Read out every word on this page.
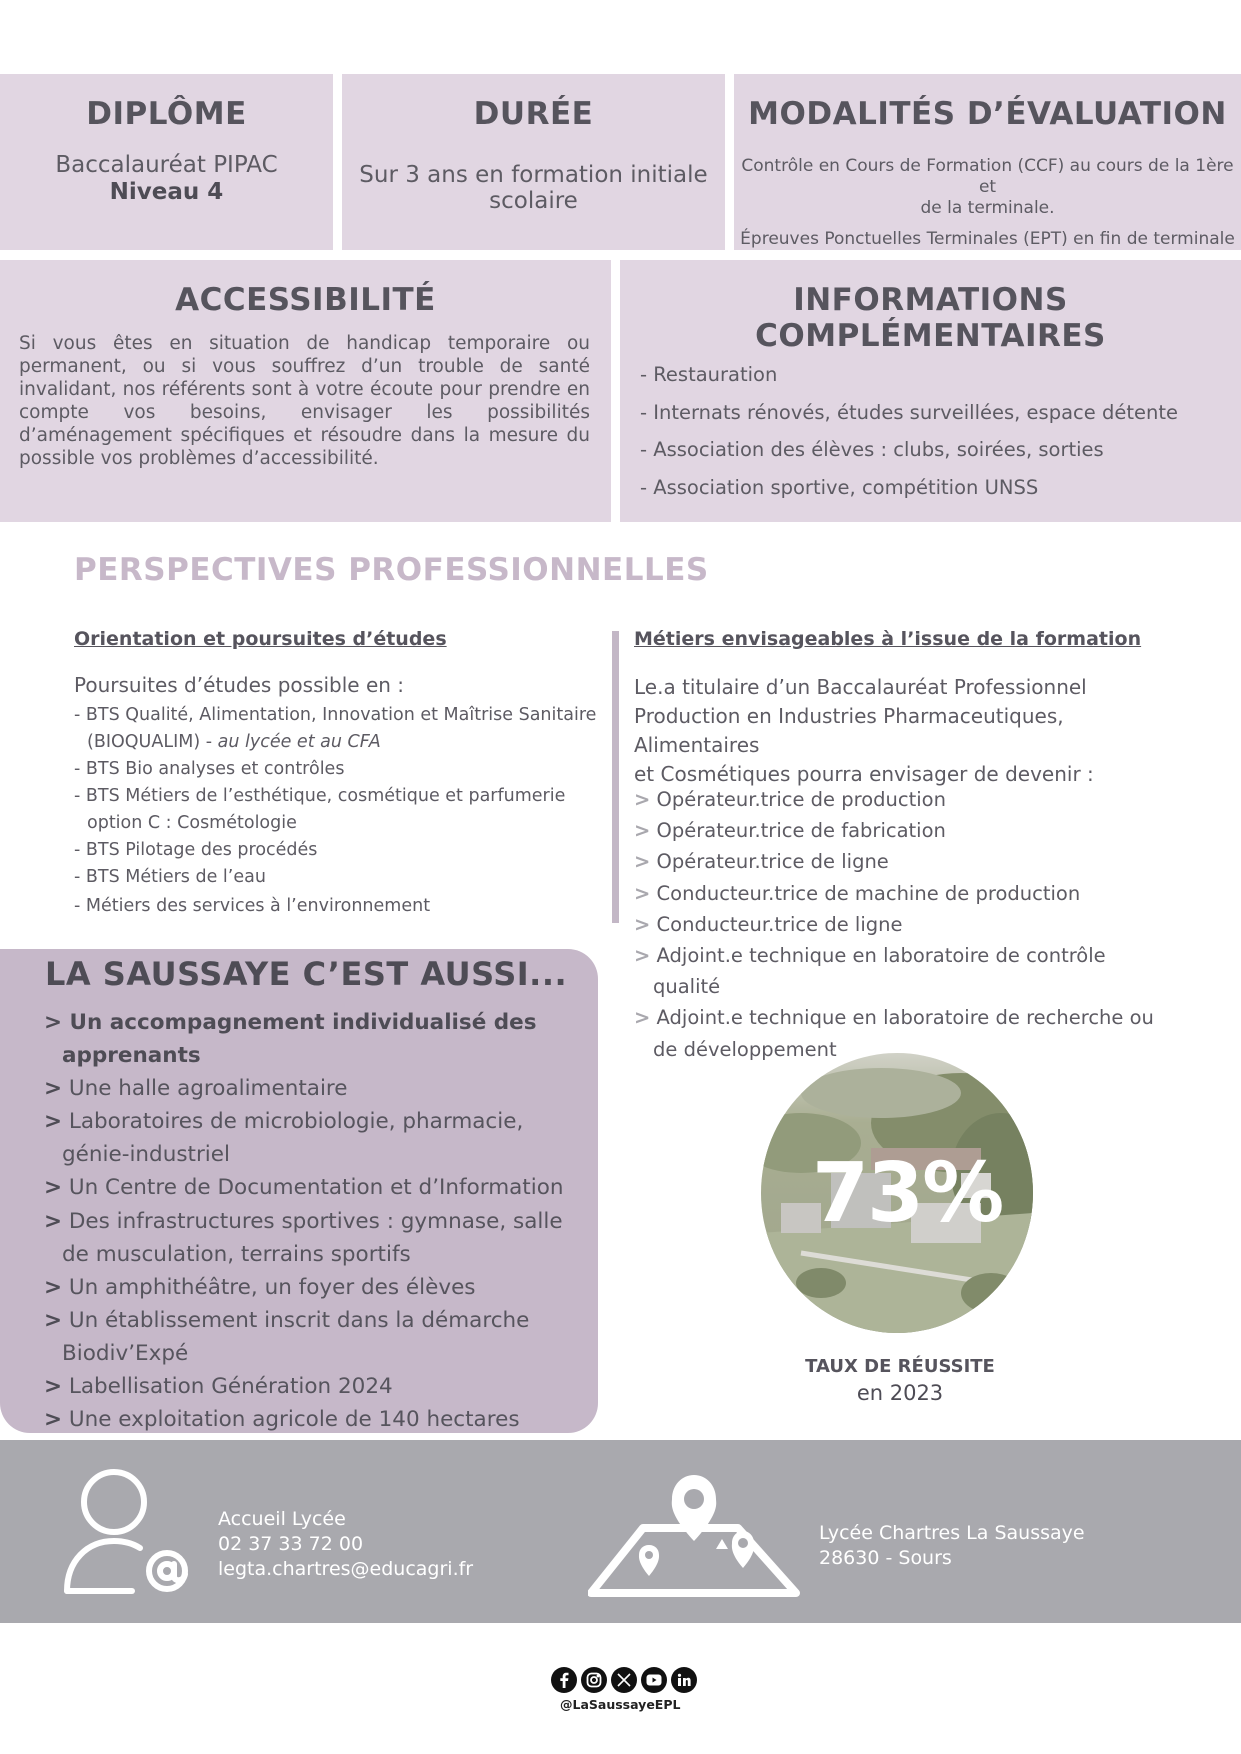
DIPLÔME
Baccalauréat PIPAC
Niveau 4
DURÉE
Sur 3 ans en formation initiale
scolaire
MODALITÉS D’ÉVALUATION
Contrôle en Cours de Formation (CCF) au cours de la 1ère et
de la terminale.
Épreuves Ponctuelles Terminales (EPT) en fin de terminale
ACCESSIBILITÉ
Si vous êtes en situation de handicap temporaire ou permanent, ou si vous souffrez d’un trouble de santé invalidant, nos référents sont à votre écoute pour prendre en compte vos besoins, envisager les possibilités d’aménagement spécifiques et résoudre dans la mesure du possible vos problèmes d’accessibilité.
INFORMATIONS COMPLÉMENTAIRES
- Restauration
- Internats rénovés, études surveillées, espace détente
- Association des élèves : clubs, soirées, sorties
- Association sportive, compétition UNSS
PERSPECTIVES PROFESSIONNELLES
Orientation et poursuites d’études
Poursuites d’études possible en :
- BTS Qualité, Alimentation, Innovation et Maîtrise Sanitaire (BIOQUALIM) - au lycée et au CFA
- BTS Bio analyses et contrôles
- BTS Métiers de l’esthétique, cosmétique et parfumerie option C : Cosmétologie
- BTS Pilotage des procédés
- BTS Métiers de l’eau
- Métiers des services à l’environnement
Métiers envisageables à l’issue de la formation
Le.a titulaire d’un Baccalauréat Professionnel
Production en Industries Pharmaceutiques, Alimentaires
et Cosmétiques pourra envisager de devenir :
> Opérateur.trice de production
> Opérateur.trice de fabrication
> Opérateur.trice de ligne
> Conducteur.trice de machine de production
> Conducteur.trice de ligne
> Adjoint.e technique en laboratoire de contrôle qualité
> Adjoint.e technique en laboratoire de recherche ou de développement
LA SAUSSAYE C’EST AUSSI...
> Un accompagnement individualisé des apprenants
> Une halle agroalimentaire
> Laboratoires de microbiologie, pharmacie, génie-industriel
> Un Centre de Documentation et d’Information
> Des infrastructures sportives : gymnase, salle de musculation, terrains sportifs
> Un amphithéâtre, un foyer des élèves
> Un établissement inscrit dans la démarche Biodiv’Expé
> Labellisation Génération 2024
> Une exploitation agricole de 140 hectares
73%
TAUX DE RÉUSSITE
en 2023
Accueil Lycée
02 37 33 72 00
legta.chartres@educagri.fr
Lycée Chartres La Saussaye
28630 - Sours
@LaSaussayeEPL
